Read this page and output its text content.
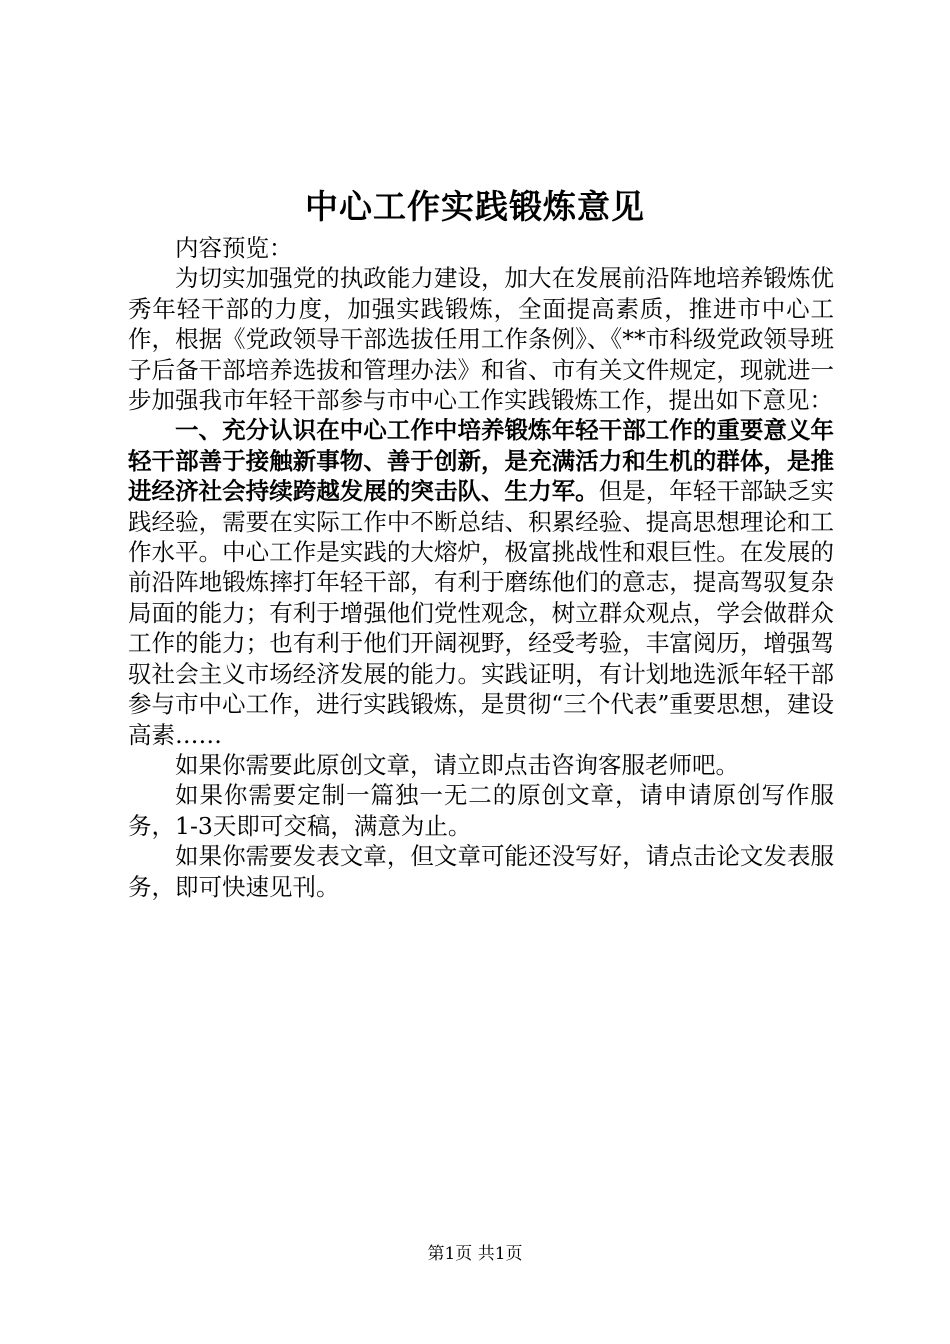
中心工作实践锻炼意见

内容预览：

为切实加强党的执政能力建设，加大在发展前沿阵地培养锻炼优秀年轻干部的力度，加强实践锻炼，全面提高素质，推进市中心工作，根据《党政领导干部选拔任用工作条例》、《**市科级党政领导班子后备干部培养选拔和管理办法》和省、市有关文件规定，现就进一步加强我市年轻干部参与市中心工作实践锻炼工作，提出如下意见：

一、充分认识在中心工作中培养锻炼年轻干部工作的重要意义年轻干部善于接触新事物、善于创新，是充满活力和生机的群体，是推进经济社会持续跨越发展的突击队、生力军。但是，年轻干部缺乏实践经验，需要在实际工作中不断总结、积累经验、提高思想理论和工作水平。中心工作是实践的大熔炉，极富挑战性和艰巨性。在发展的前沿阵地锻炼摔打年轻干部，有利于磨练他们的意志，提高驾驭复杂局面的能力；有利于增强他们党性观念，树立群众观点，学会做群众工作的能力；也有利于他们开阔视野，经受考验，丰富阅历，增强驾驭社会主义市场经济发展的能力。实践证明，有计划地选派年轻干部参与市中心工作，进行实践锻炼，是贯彻“三个代表”重要思想，建设高素……

如果你需要此原创文章，请立即点击咨询客服老师吧。

如果你需要定制一篇独一无二的原创文章，请申请原创写作服务，1-3天即可交稿，满意为止。

如果你需要发表文章，但文章可能还没写好，请点击论文发表服务，即可快速见刊。

第1页 共1页
